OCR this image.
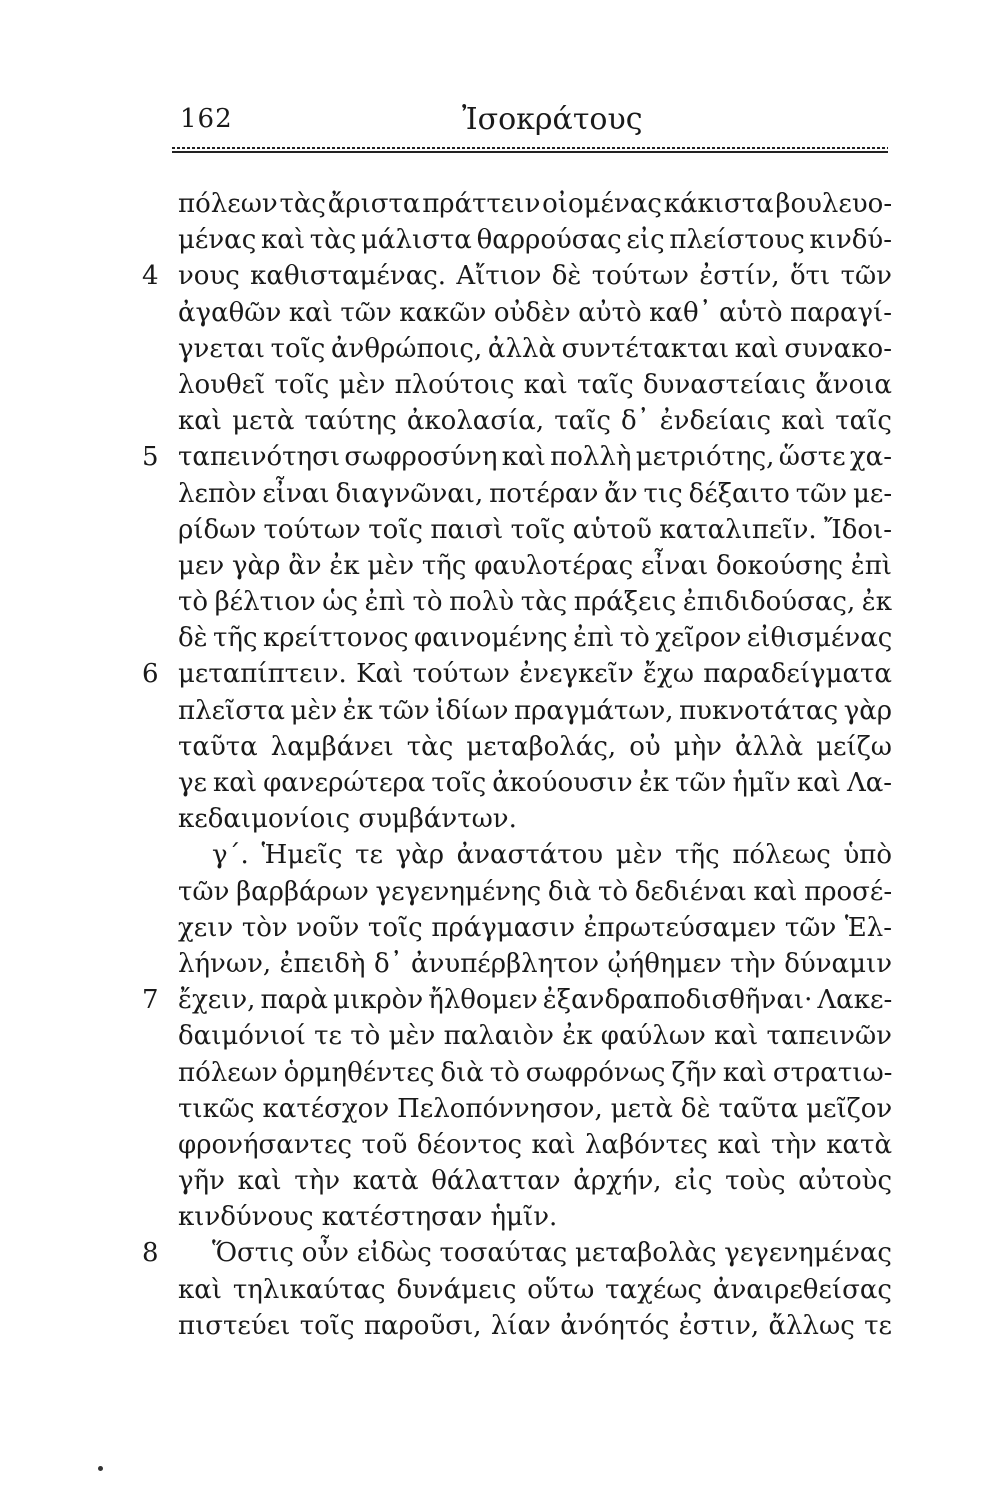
162	Ἰσοκράτους
πόλεων τὰς ἄριστα πράττειν οἰομένας κάκιστα βουλευο-
μένας καὶ τὰς μάλιστα θαρρούσας εἰς πλείστους κινδύ-
4 νους καθισταμένας. Αἴτιον δὲ τούτων ἐστίν, ὅτι τῶν
ἀγαθῶν καὶ τῶν κακῶν οὐδὲν αὐτὸ καθ᾽ αὑτὸ παραγί-
γνεται τοῖς ἀνθρώποις, ἀλλὰ συντέτακται καὶ συνακο-
λουθεῖ τοῖς μὲν πλούτοις καὶ ταῖς δυναστείαις ἄνοια
καὶ μετὰ ταύτης ἀκολασία, ταῖς δ᾽ ἐνδείαις καὶ ταῖς
5 ταπεινότησι σωφροσύνη καὶ πολλὴ μετριότης, ὥστε χα-
λεπὸν εἶναι διαγνῶναι, ποτέραν ἄν τις δέξαιτο τῶν με-
ρίδων τούτων τοῖς παισὶ τοῖς αὑτοῦ καταλιπεῖν. Ἴδοι-
μεν γὰρ ἂν ἐκ μὲν τῆς φαυλοτέρας εἶναι δοκούσης ἐπὶ
τὸ βέλτιον ὡς ἐπὶ τὸ πολὺ τὰς πράξεις ἐπιδιδούσας, ἐκ
δὲ τῆς κρείττονος φαινομένης ἐπὶ τὸ χεῖρον εἰθισμένας
6 μεταπίπτειν. Καὶ τούτων ἐνεγκεῖν ἔχω παραδείγματα
πλεῖστα μὲν ἐκ τῶν ἰδίων πραγμάτων, πυκνοτάτας γὰρ
ταῦτα λαμβάνει τὰς μεταβολάς, οὐ μὴν ἀλλὰ μείζω
γε καὶ φανερώτερα τοῖς ἀκούουσιν ἐκ τῶν ἡμῖν καὶ Λα-
κεδαιμονίοις συμβάντων.
γ΄. Ἡμεῖς τε γὰρ ἀναστάτου μὲν τῆς πόλεως ὑπὸ
τῶν βαρβάρων γεγενημένης διὰ τὸ δεδιέναι καὶ προσέ-
χειν τὸν νοῦν τοῖς πράγμασιν ἐπρωτεύσαμεν τῶν Ἑλ-
λήνων, ἐπειδὴ δ᾽ ἀνυπέρβλητον ᾠήθημεν τὴν δύναμιν
7 ἔχειν, παρὰ μικρὸν ἤλθομεν ἐξανδραποδισθῆναι· Λακε-
δαιμόνιοί τε τὸ μὲν παλαιὸν ἐκ φαύλων καὶ ταπεινῶν
πόλεων ὁρμηθέντες διὰ τὸ σωφρόνως ζῆν καὶ στρατιω-
τικῶς κατέσχον Πελοπόννησον, μετὰ δὲ ταῦτα μεῖζον
φρονήσαντες τοῦ δέοντος καὶ λαβόντες καὶ τὴν κατὰ
γῆν καὶ τὴν κατὰ θάλατταν ἀρχήν, εἰς τοὺς αὐτοὺς
κινδύνους κατέστησαν ἡμῖν.
8 Ὅστις οὖν εἰδὼς τοσαύτας μεταβολὰς γεγενημένας
καὶ τηλικαύτας δυνάμεις οὕτω ταχέως ἀναιρεθείσας
πιστεύει τοῖς παροῦσι, λίαν ἀνόητός ἐστιν, ἄλλως τε
